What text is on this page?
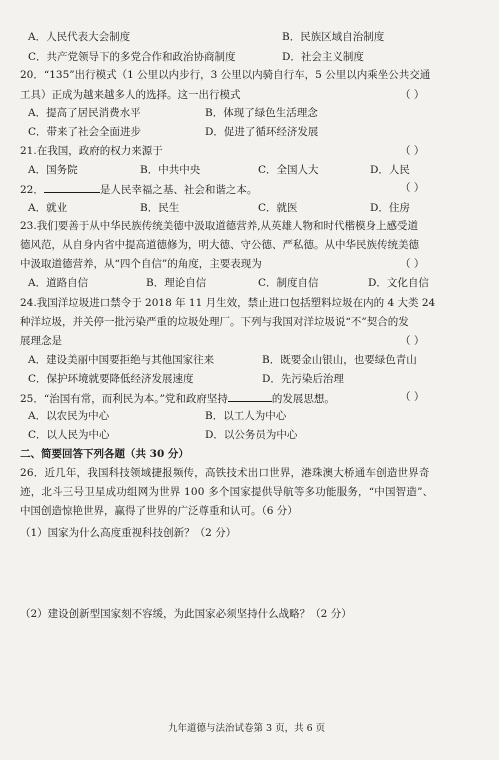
A．人民代表大会制度	B．民族区域自治制度
C．共产党领导下的多党合作和政治协商制度	D．社会主义制度
20．“135”出行模式（1 公里以内步行，3 公里以内骑自行车，5 公里以内乘坐公共交通
工具）正成为越来越多人的选择。这一出行模式	（ ）
A．提高了居民消费水平	B．体现了绿色生活理念
C．带来了社会全面进步	D．促进了循环经济发展
21.在我国，政府的权力来源于	（ ）
A．国务院	B．中共中央	C．全国人大	D．人民
22．	是人民幸福之基、社会和谐之本。	（ ）
A．就业	B．民生	C．就医	D．住房
23.我们要善于从中华民族传统美德中汲取道德营养,从英雄人物和时代楷模身上感受道
德风范，从自身内省中提高道德修为，明大德、守公德、严私德。从中华民族传统美德
中汲取道德营养，从“四个自信”的角度，主要表现为	（ ）
A．道路自信	B．理论自信	C．制度自信	D．文化自信
24.我国洋垃圾进口禁令于 2018 年 11 月生效，禁止进口包括塑料垃圾在内的 4 大类 24
种洋垃圾，并关停一批污染严重的垃圾处理厂。下列与我国对洋垃圾说“不”契合的发
展理念是	（ ）
A．建设美丽中国要拒绝与其他国家往来	B．既要金山银山，也要绿色青山
C．保护环境就要降低经济发展速度	D．先污染后治理
25．“治国有常，而利民为本。”党和政府坚持	的发展思想。	（ ）
A．以农民为中心	B．以工人为中心
C．以人民为中心	D．以公务员为中心
二、简要回答下列各题（共 30 分）
26．近几年，我国科技领域捷报频传，高铁技术出口世界，港珠澳大桥通车创造世界奇
迹，北斗三号卫星成功组网为世界 100 多个国家提供导航等多功能服务，“中国智造”、
中国创造惊艳世界，赢得了世界的广泛尊重和认可。（6 分）
（1）国家为什么高度重视科技创新？（2 分）
（2）建设创新型国家刻不容缓，为此国家必须坚持什么战略？（2 分）
九年道德与法治试卷第 3 页，共 6 页
